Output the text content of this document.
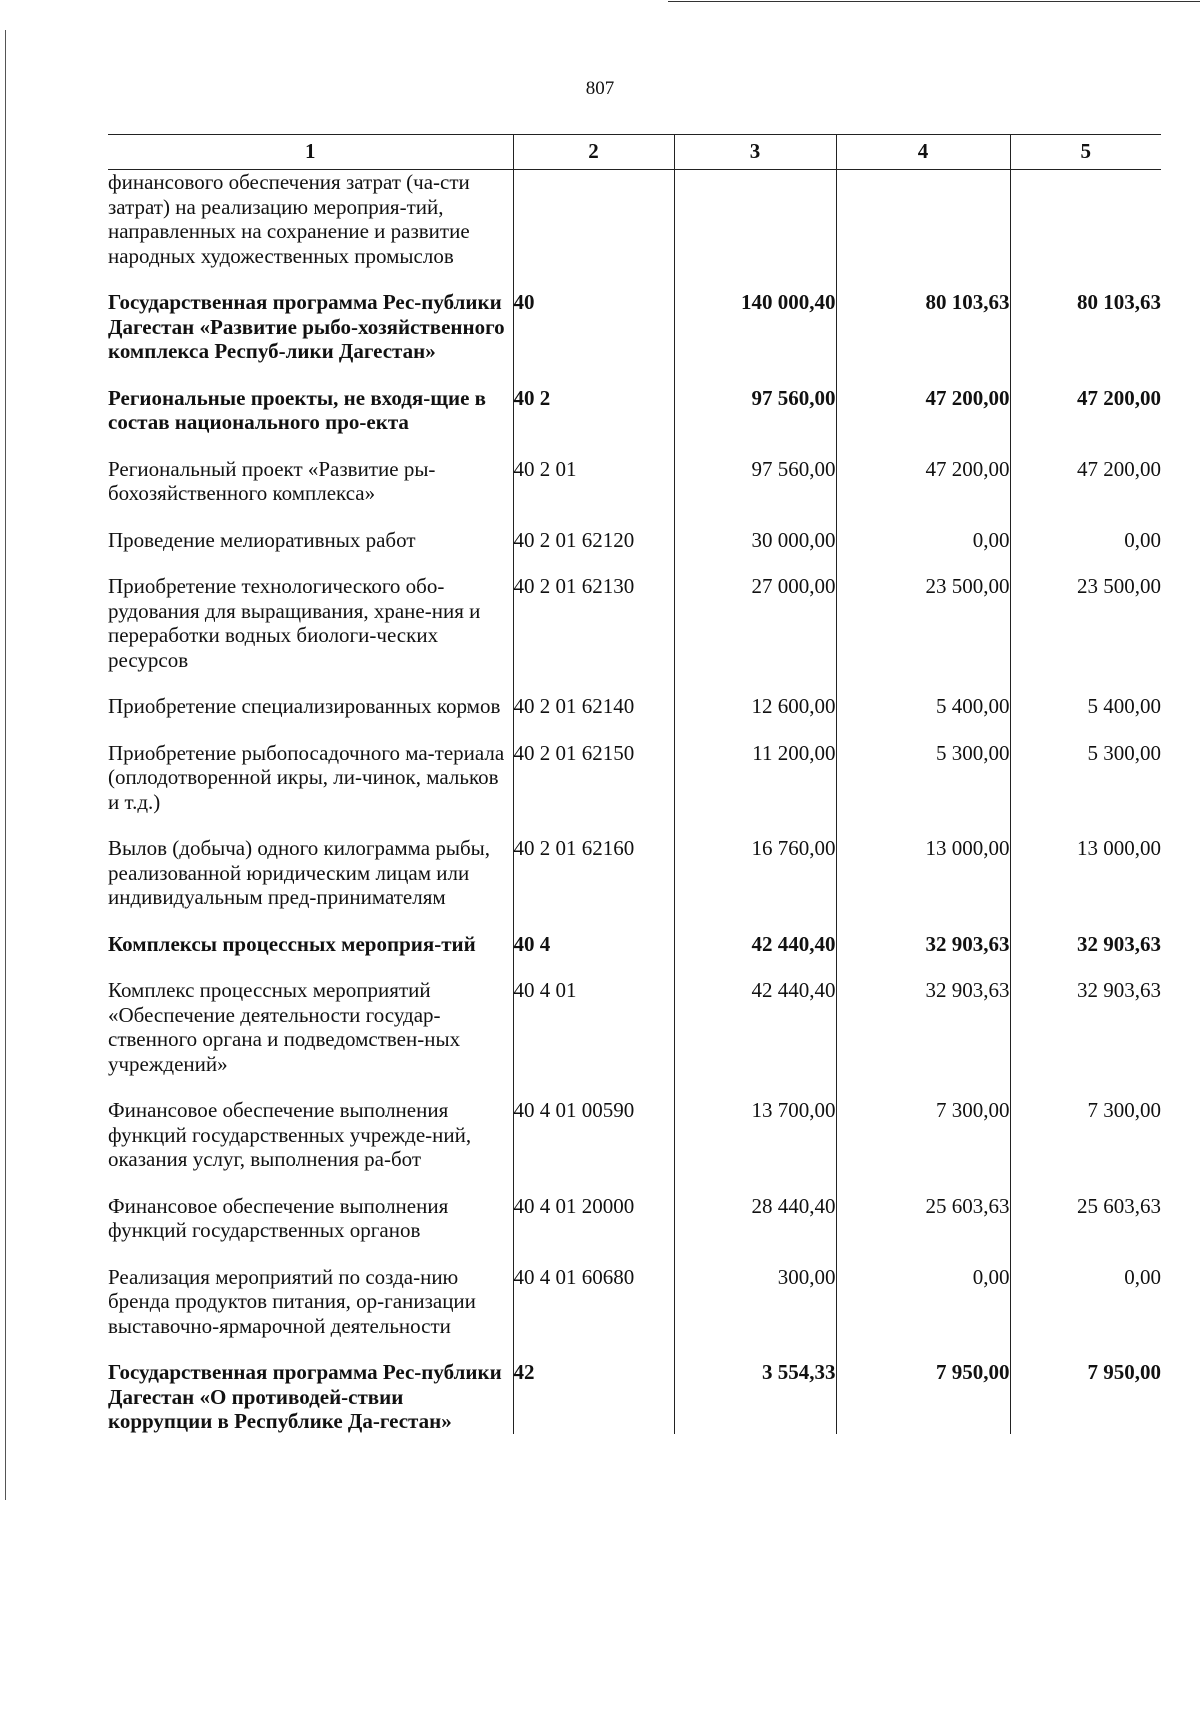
807
1	2	3	4	5
финансового обеспечения затрат (ча-сти затрат) на реализацию мероприя-тий, направленных на сохранение и развитие народных художественных промыслов				

Государственная программа Рес-публики Дагестан «Развитие рыбо-хозяйственного комплекса Респуб-лики Дагестан»	40	140 000,40	80 103,63	80 103,63

Региональные проекты, не входя-щие в состав национального про-екта	40 2	97 560,00	47 200,00	47 200,00

Региональный проект «Развитие ры-бохозяйственного комплекса»	40 2 01	97 560,00	47 200,00	47 200,00

Проведение мелиоративных работ	40 2 01 62120	30 000,00	0,00	0,00

Приобретение технологического обо-рудования для выращивания, хране-ния и переработки водных биологи-ческих ресурсов	40 2 01 62130	27 000,00	23 500,00	23 500,00

Приобретение специализированных кормов	40 2 01 62140	12 600,00	5 400,00	5 400,00

Приобретение рыбопосадочного ма-териала (оплодотворенной икры, ли-чинок, мальков и т.д.)	40 2 01 62150	11 200,00	5 300,00	5 300,00

Вылов (добыча) одного килограмма рыбы, реализованной юридическим лицам или индивидуальным пред-принимателям	40 2 01 62160	16 760,00	13 000,00	13 000,00

Комплексы процессных мероприя-тий	40 4	42 440,40	32 903,63	32 903,63

Комплекс процессных мероприятий «Обеспечение деятельности государ-ственного органа и подведомствен-ных учреждений»	40 4 01	42 440,40	32 903,63	32 903,63

Финансовое обеспечение выполнения функций государственных учрежде-ний, оказания услуг, выполнения ра-бот	40 4 01 00590	13 700,00	7 300,00	7 300,00

Финансовое обеспечение выполнения функций государственных органов	40 4 01 20000	28 440,40	25 603,63	25 603,63

Реализация мероприятий по созда-нию бренда продуктов питания, ор-ганизации выставочно-ярмарочной деятельности	40 4 01 60680	300,00	0,00	0,00

Государственная программа Рес-публики Дагестан «О противодей-ствии коррупции в Республике Да-гестан»	42	3 554,33	7 950,00	7 950,00
